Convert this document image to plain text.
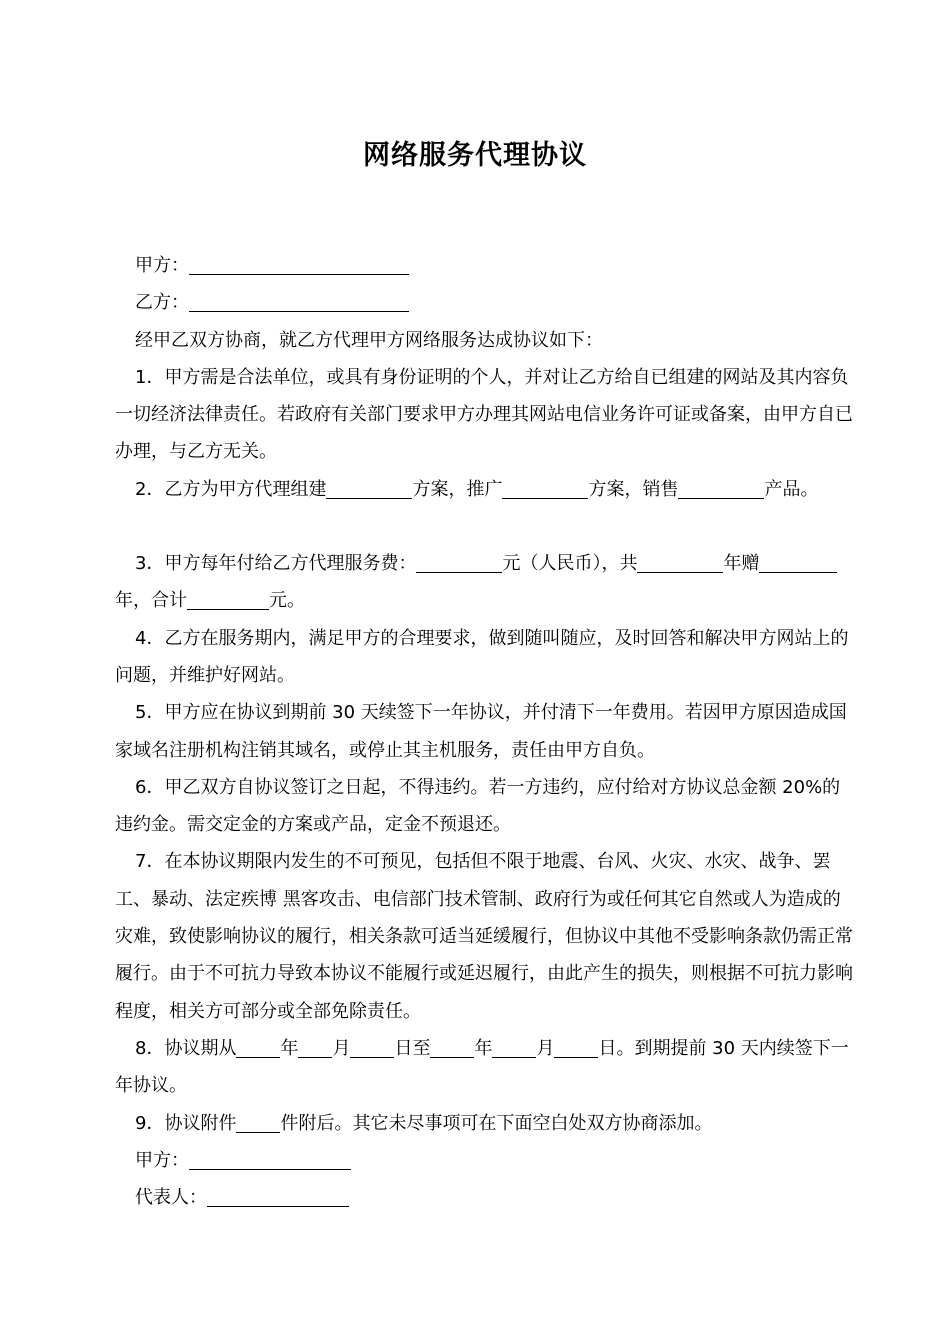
网络服务代理协议

甲方：

乙方：

经甲乙双方协商，就乙方代理甲方网络服务达成协议如下：

1．甲方需是合法单位，或具有身份证明的个人，并对让乙方给自已组建的网站及其内容负一切经济法律责任。若政府有关部门要求甲方办理其网站电信业务许可证或备案，由甲方自已办理，与乙方无关。

2．乙方为甲方代理组建	方案，推广	方案，销售	产品。

3．甲方每年付给乙方代理服务费：	元（人民币），共	年赠年，合计	元。

4．乙方在服务期内，满足甲方的合理要求，做到随叫随应，及时回答和解决甲方网站上的问题，并维护好网站。

5．甲方应在协议到期前 30 天续签下一年协议，并付清下一年费用。若因甲方原因造成国家域名注册机构注销其域名，或停止其主机服务，责任由甲方自负。

6．甲乙双方自协议签订之日起，不得违约。若一方违约，应付给对方协议总金额 20%的违约金。需交定金的方案或产品，定金不预退还。

7．在本协议期限内发生的不可预见，包括但不限于地震、台风、火灾、水灾、战争、罢工、暴动、法定疾博 黑客攻击、电信部门技术管制、政府行为或任何其它自然或人为造成的灾难，致使影响协议的履行，相关条款可适当延缓履行，但协议中其他不受影响条款仍需正常履行。由于不可抗力导致本协议不能履行或延迟履行，由此产生的损失，则根据不可抗力影响程度，相关方可部分或全部免除责任。

8．协议期从 年 月 日至 年 月 日。到期提前 30 天内续签下一年协议。

9．协议附件 件附后。其它未尽事项可在下面空白处双方协商添加。

甲方：

代表人：
